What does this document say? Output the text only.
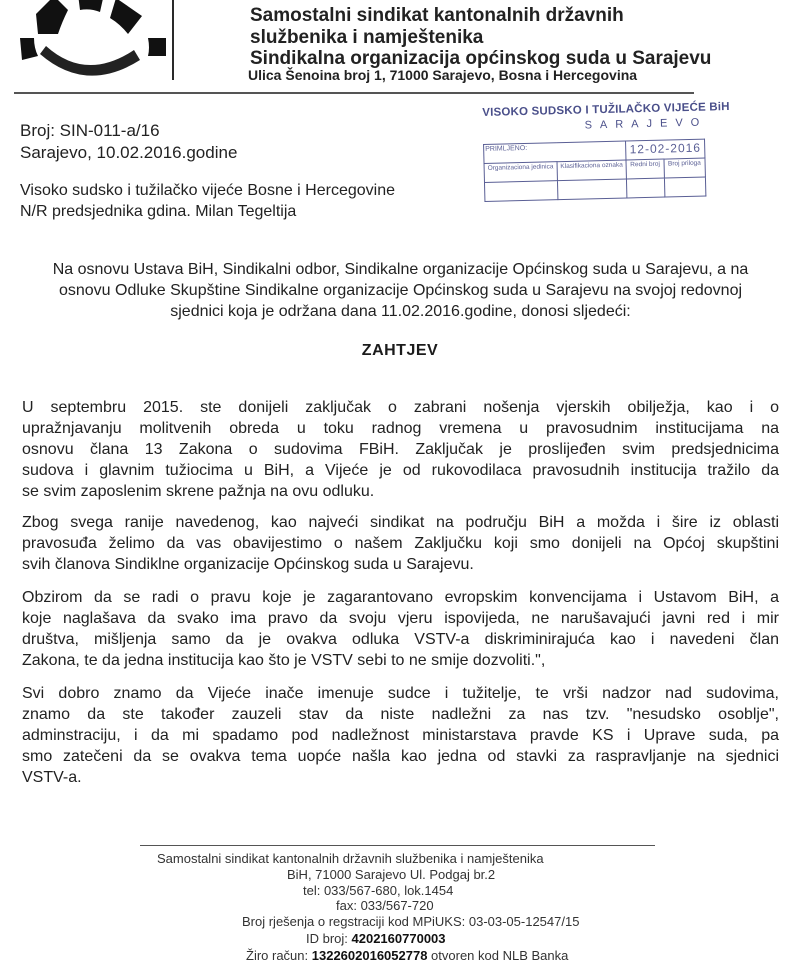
Samostalni sindikat kantonalnih državnih
službenika i namještenika
Sindikalna organizacija općinskog suda u Sarajevu
Ulica Šenoina broj 1, 71000 Sarajevo, Bosna i Hercegovina
Broj: SIN-011-a/16
Sarajevo, 10.02.2016.godine
VISOKO SUDSKO I TUŽILAČKO VIJEĆE BiH
SARAJEVO
PRIMLJENO:		12-02-2016	
Organizaciona jedinica	Klasifikaciona oznaka	Redni broj	Broj priloga

Visoko sudsko i tužilačko vijeće Bosne i Hercegovine
N/R predsjednika gdina. Milan Tegeltija
Na osnovu Ustava BiH, Sindikalni odbor, Sindikalne organizacije Općinskog suda u Sarajevu, a na
osnovu Odluke Skupštine Sindikalne organizacije Općinskog suda u Sarajevu na svojoj redovnoj
sjednici koja je održana dana 11.02.2016.godine, donosi sljedeći:
ZAHTJEV
U septembru 2015. ste donijeli zaključak o zabrani nošenja vjerskih obilježja, kao i o
upražnjavanju molitvenih obreda u toku radnog vremena u pravosudnim institucijama na
osnovu člana 13 Zakona o sudovima FBiH. Zaključak je proslijeđen svim predsjednicima
sudova i glavnim tužiocima u BiH, a Vijeće je od rukovodilaca pravosudnih institucija tražilo da
se svim zaposlenim skrene pažnja na ovu odluku.
Zbog svega ranije navedenog, kao najveći sindikat na području BiH a možda i šire iz oblasti
pravosuđa želimo da vas obavijestimo o našem Zaključku koji smo donijeli na Općoj skupštini
svih članova Sindiklne organizacije Općinskog suda u Sarajevu.
Obzirom da se radi o pravu koje je zagarantovano evropskim konvencijama i Ustavom BiH, a
koje naglašava da svako ima pravo da svoju vjeru ispovijeda, ne narušavajući javni red i mir
društva, mišljenja samo da je ovakva odluka VSTV-a diskriminirajuća kao i navedeni član
Zakona, te da jedna institucija kao što je VSTV sebi to ne smije dozvoliti.",
Svi dobro znamo da Vijeće inače imenuje sudce i tužitelje, te vrši nadzor nad sudovima,
znamo da ste također zauzeli stav da niste nadležni za nas tzv. "nesudsko osoblje",
adminstraciju, i da mi spadamo pod nadležnost ministarstava pravde KS i Uprave suda, pa
smo zatečeni da se ovakva tema uopće našla kao jedna od stavki za raspravljanje na sjednici
VSTV-a.
Samostalni sindikat kantonalnih državnih službenika i namještenika
BiH, 71000 Sarajevo Ul. Podgaj br.2
tel: 033/567-680, lok.1454
fax: 033/567-720
Broj rješenja o regstraciji kod MPiUKS: 03-03-05-12547/15
ID broj: 4202160770003
Žiro račun: 1322602016052778 otvoren kod NLB Banka
